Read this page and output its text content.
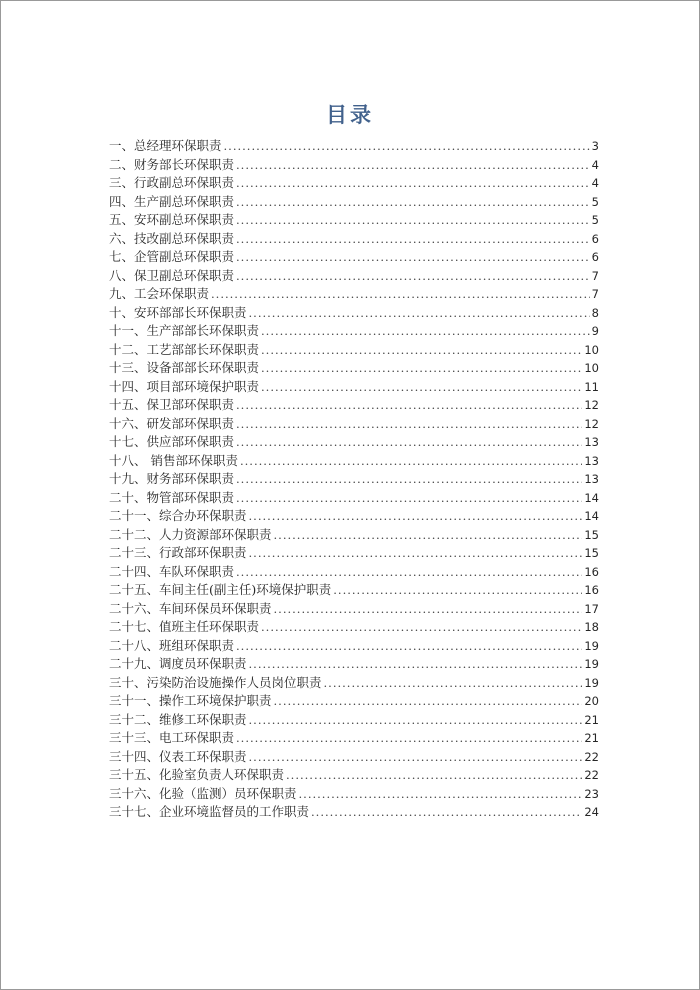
目录
一、总经理环保职责 .....	3
二、财务部长环保职责 .....	4
三、行政副总环保职责 .....	4
四、生产副总环保职责 .....	5
五、安环副总环保职责 .....	5
六、技改副总环保职责 .....	6
七、企管副总环保职责 .....	6
八、保卫副总环保职责 .....	7
九、工会环保职责 .....	7
十、安环部部长环保职责 .....	8
十一、生产部部长环保职责 .....	9
十二、工艺部部长环保职责 .....	10
十三、设备部部长环保职责 .....	10
十四、项目部环境保护职责 .....	11
十五、保卫部环保职责 .....	12
十六、研发部环保职责 .....	12
十七、供应部环保职责 .....	13
十八、 销售部环保职责 .....	13
十九、财务部环保职责 .....	13
二十、物管部环保职责 .....	14
二十一、综合办环保职责 .....	14
二十二、人力资源部环保职责 .....	15
二十三、行政部环保职责 .....	15
二十四、车队环保职责 .....	16
二十五、车间主任(副主任)环境保护职责 .....	16
二十六、车间环保员环保职责 .....	17
二十七、值班主任环保职责 .....	18
二十八、班组环保职责 .....	19
二十九、调度员环保职责 .....	19
三十、污染防治设施操作人员岗位职责 .....	19
三十一、操作工环境保护职责 .....	20
三十二、维修工环保职责 .....	21
三十三、电工环保职责 .....	21
三十四、仪表工环保职责 .....	22
三十五、化验室负责人环保职责 .....	22
三十六、化验（监测）员环保职责 .....	23
三十七、企业环境监督员的工作职责 .....	24
